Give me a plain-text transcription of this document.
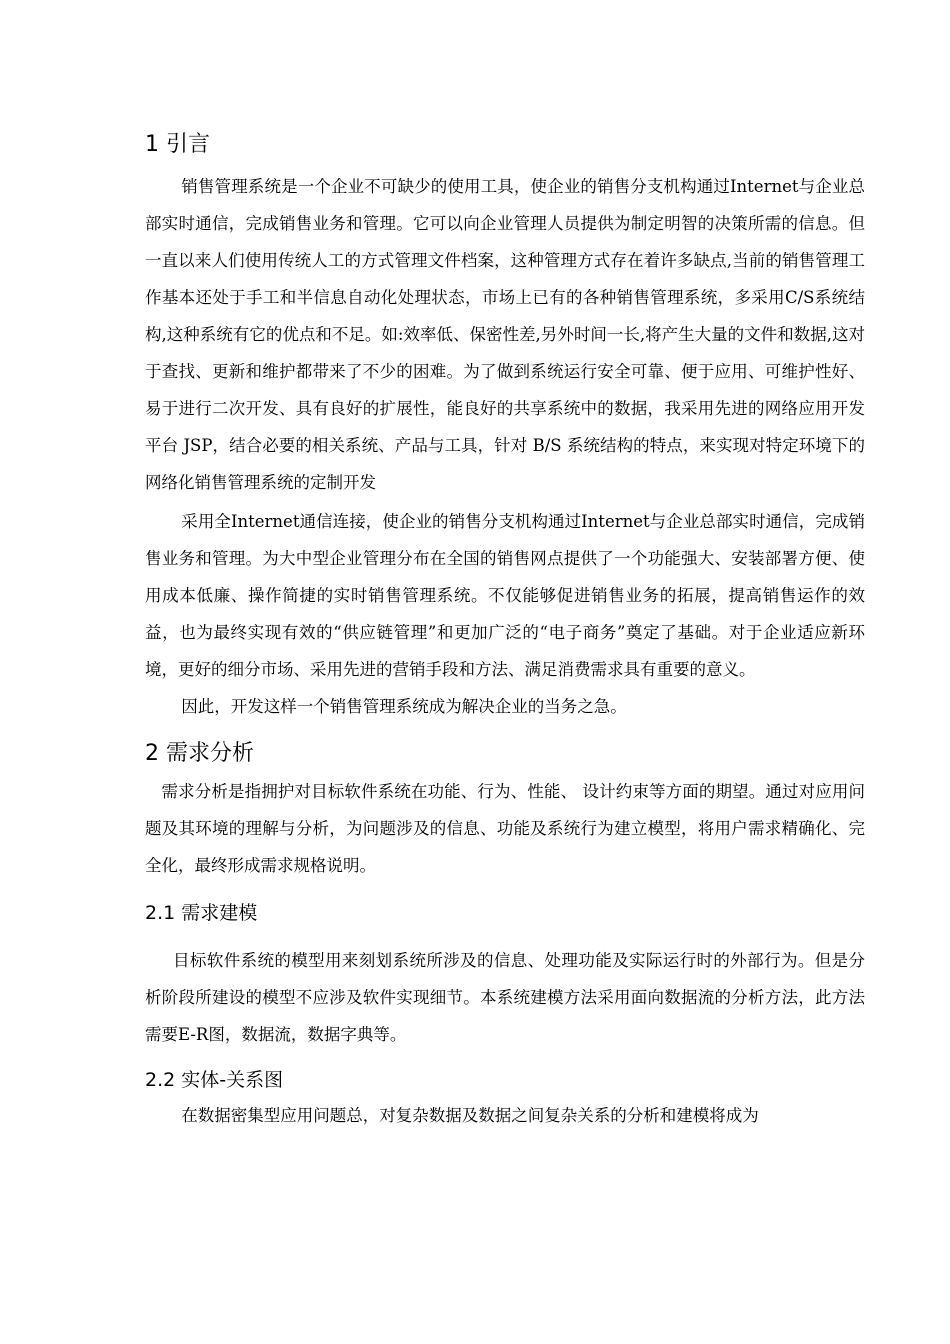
1 引言

销售管理系统是一个企业不可缺少的使用工具，使企业的销售分支机构通过Internet与企业总部实时通信，完成销售业务和管理。它可以向企业管理人员提供为制定明智的决策所需的信息。但一直以来人们使用传统人工的方式管理文件档案，这种管理方式存在着许多缺点,当前的销售管理工作基本还处于手工和半信息自动化处理状态，市场上已有的各种销售管理系统，多采用C/S系统结构,这种系统有它的优点和不足。如:效率低、保密性差,另外时间一长,将产生大量的文件和数据,这对于查找、更新和维护都带来了不少的困难。为了做到系统运行安全可靠、便于应用、可维护性好、易于进行二次开发、具有良好的扩展性，能良好的共享系统中的数据，我采用先进的网络应用开发平台 JSP，结合必要的相关系统、产品与工具，针对 B/S 系统结构的特点，来实现对特定环境下的网络化销售管理系统的定制开发

采用全Internet通信连接，使企业的销售分支机构通过Internet与企业总部实时通信，完成销售业务和管理。为大中型企业管理分布在全国的销售网点提供了一个功能强大、安装部署方便、使用成本低廉、操作简捷的实时销售管理系统。不仅能够促进销售业务的拓展，提高销售运作的效益，也为最终实现有效的“供应链管理”和更加广泛的“电子商务”奠定了基础。对于企业适应新环境，更好的细分市场、采用先进的营销手段和方法、满足消费需求具有重要的意义。

因此，开发这样一个销售管理系统成为解决企业的当务之急。

2 需求分析

需求分析是指拥护对目标软件系统在功能、行为、性能、 设计约束等方面的期望。通过对应用问题及其环境的理解与分析，为问题涉及的信息、功能及系统行为建立模型，将用户需求精确化、完全化，最终形成需求规格说明。

2.1 需求建模

目标软件系统的模型用来刻划系统所涉及的信息、处理功能及实际运行时的外部行为。但是分析阶段所建设的模型不应涉及软件实现细节。本系统建模方法采用面向数据流的分析方法，此方法需要E-R图，数据流，数据字典等。

2.2 实体-关系图

在数据密集型应用问题总，对复杂数据及数据之间复杂关系的分析和建模将成为
